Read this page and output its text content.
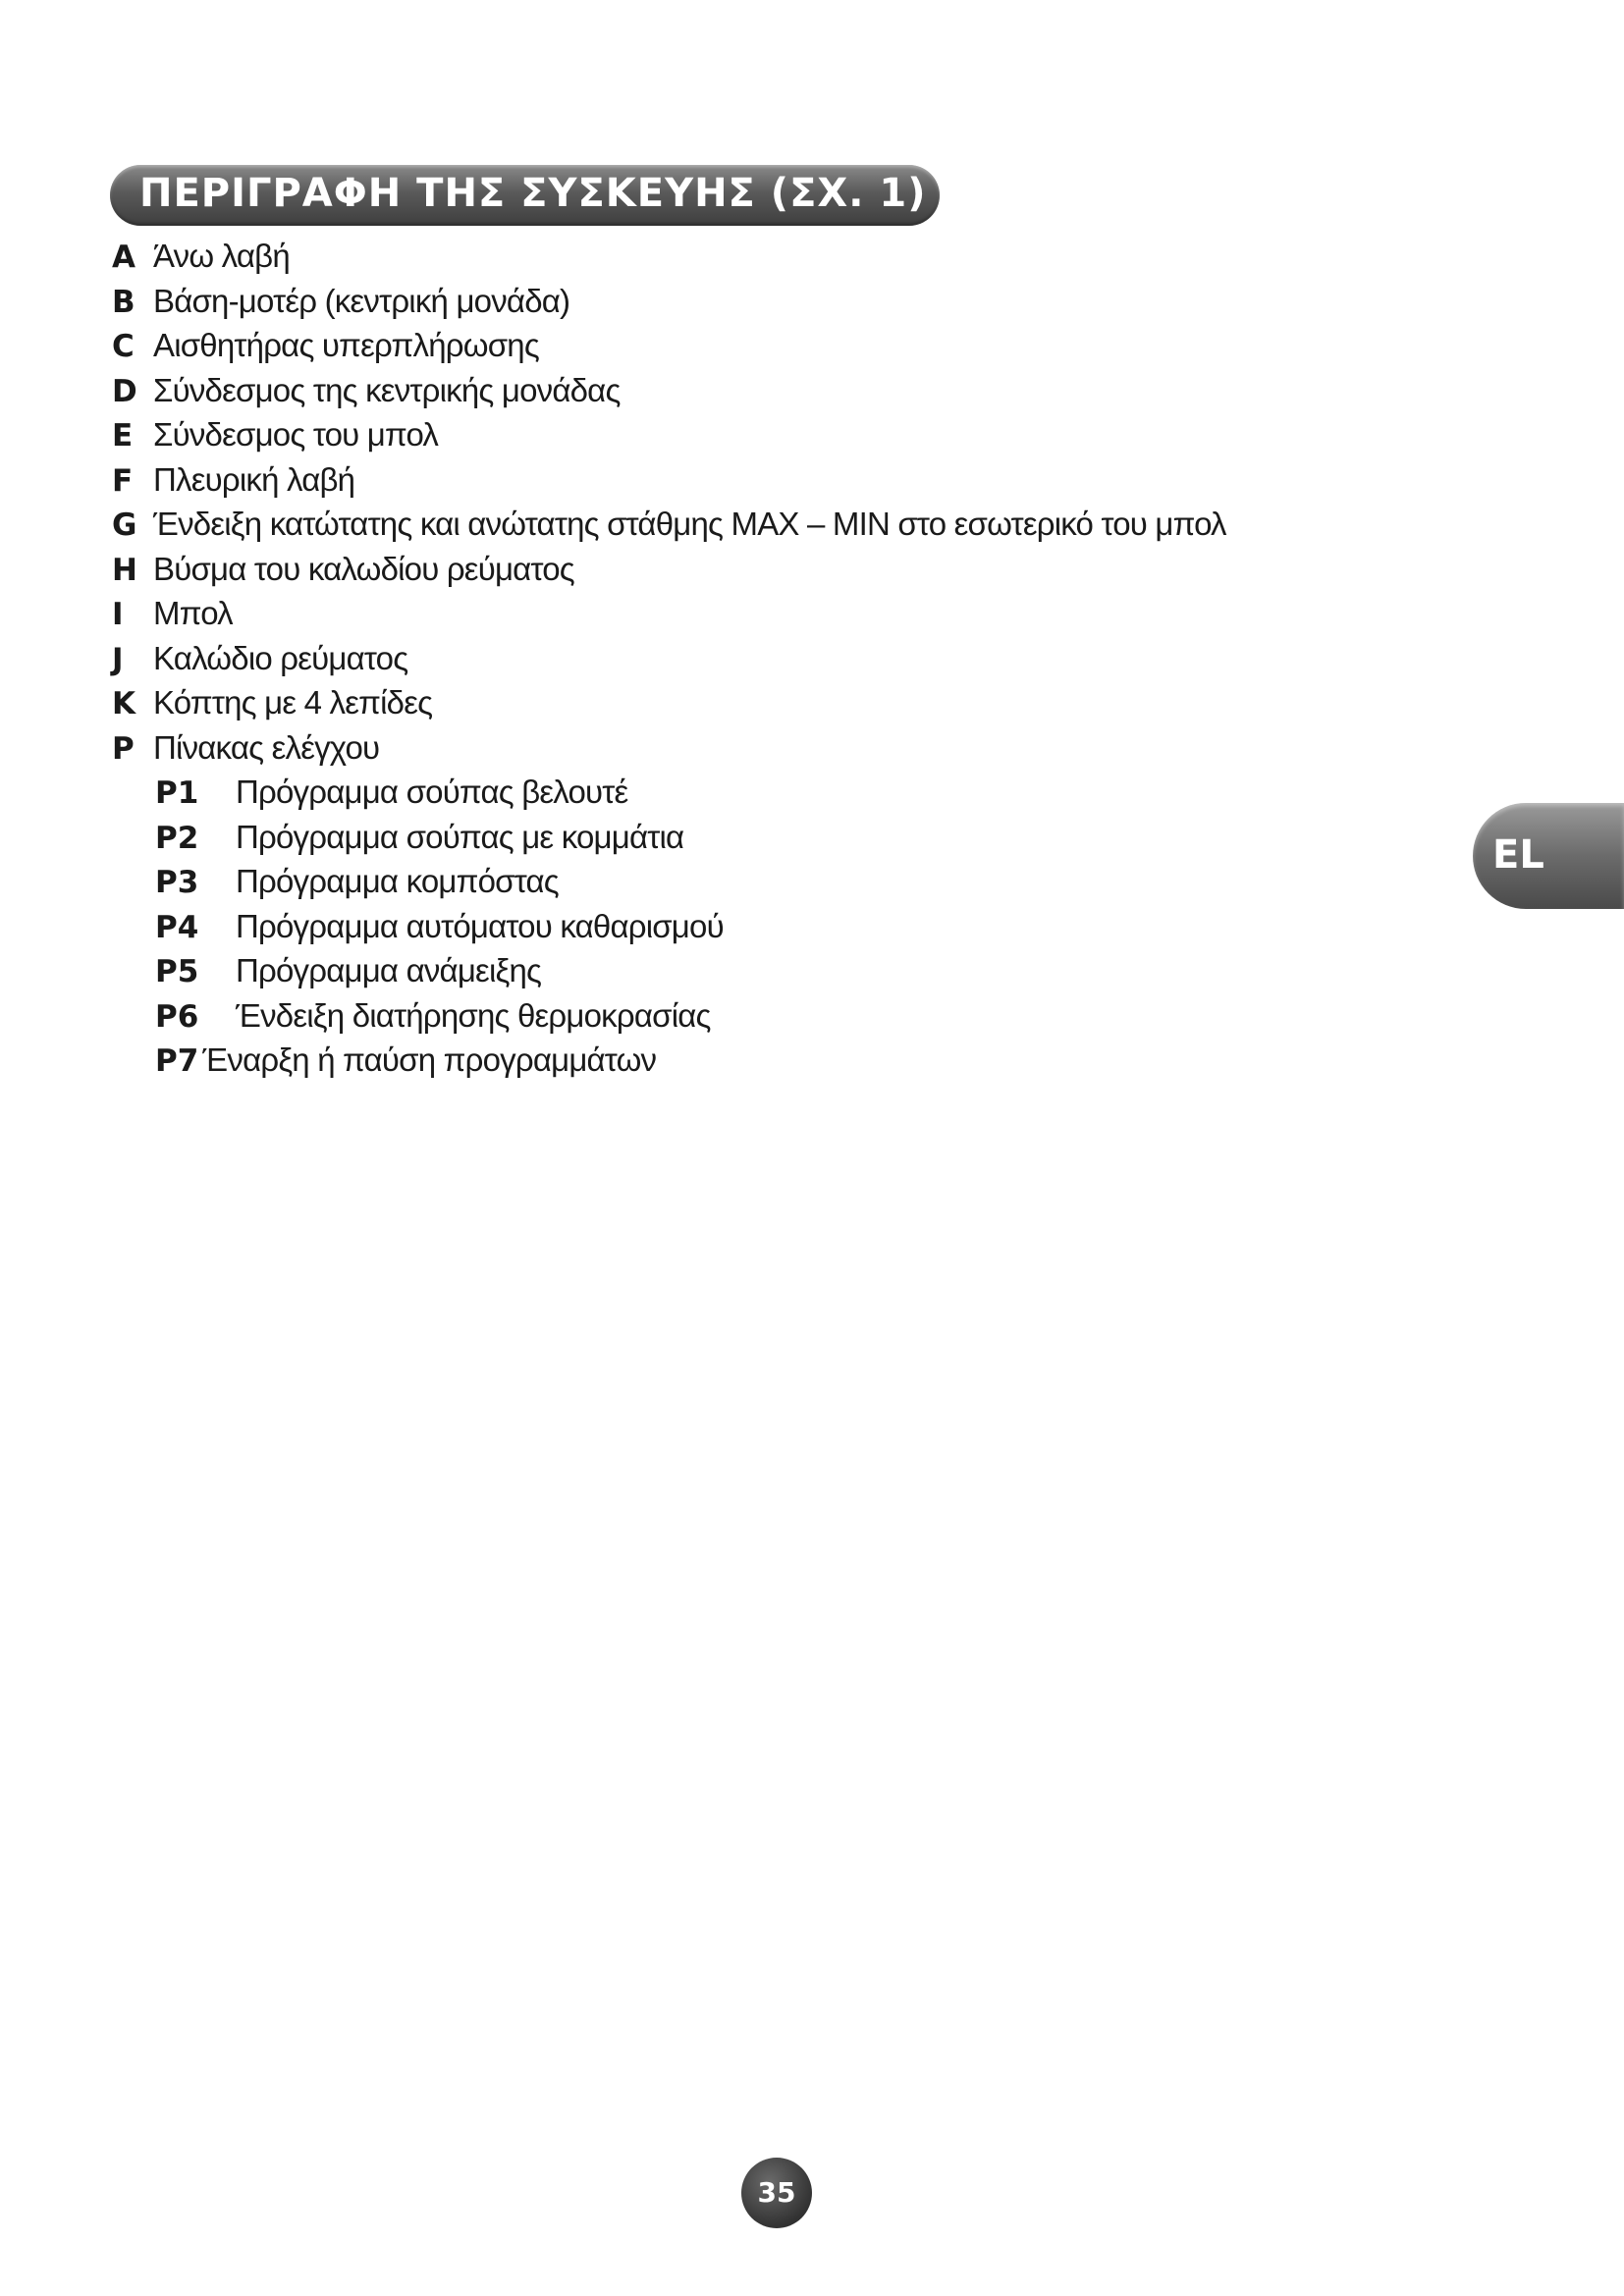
ΠΕΡΙΓΡΑΦΗ ΤΗΣ ΣΥΣΚΕΥΗΣ (ΣΧ. 1)
A Άνω λαβή
B Βάση-μοτέρ (κεντρική μονάδα)
C Αισθητήρας υπερπλήρωσης
D Σύνδεσμος της κεντρικής μονάδας
E Σύνδεσμος του μπολ
F Πλευρική λαβή
G Ένδειξη κατώτατης και ανώτατης στάθμης MAX – MIN στο εσωτερικό του μπολ
H Βύσμα του καλωδίου ρεύματος
I Μπολ
J Καλώδιο ρεύματος
K Κόπτης με 4 λεπίδες
P Πίνακας ελέγχου
P1 Πρόγραμμα σούπας βελουτέ
P2 Πρόγραμμα σούπας με κομμάτια
P3 Πρόγραμμα κομπόστας
P4 Πρόγραμμα αυτόματου καθαρισμού
P5 Πρόγραμμα ανάμειξης
P6 Ένδειξη διατήρησης θερμοκρασίας
P7 Έναρξη ή παύση προγραμμάτων
EL
35
